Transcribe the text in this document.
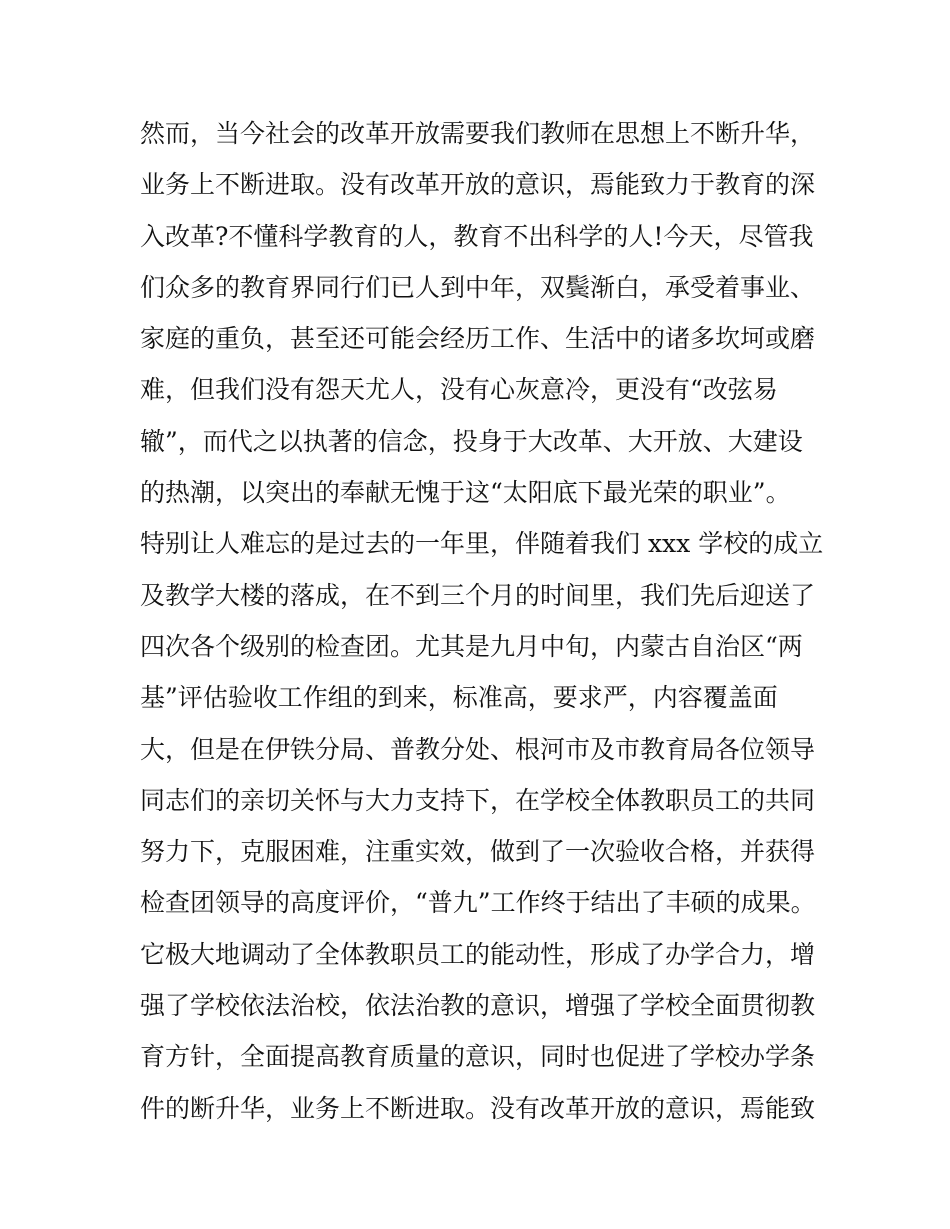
然而，当今社会的改革开放需要我们教师在思想上不断升华，
业务上不断进取。没有改革开放的意识，焉能致力于教育的深
入改革?不懂科学教育的人，教育不出科学的人!今天，尽管我
们众多的教育界同行们已人到中年，双鬓渐白，承受着事业、
家庭的重负，甚至还可能会经历工作、生活中的诸多坎坷或磨
难，但我们没有怨天尤人，没有心灰意冷，更没有“改弦易
辙”，而代之以执著的信念，投身于大改革、大开放、大建设
的热潮，以突出的奉献无愧于这“太阳底下最光荣的职业”。
特别让人难忘的是过去的一年里，伴随着我们 xxx 学校的成立
及教学大楼的落成，在不到三个月的时间里，我们先后迎送了
四次各个级别的检查团。尤其是九月中旬，内蒙古自治区“两
基”评估验收工作组的到来，标准高，要求严，内容覆盖面
大，但是在伊铁分局、普教分处、根河市及市教育局各位领导
同志们的亲切关怀与大力支持下，在学校全体教职员工的共同
努力下，克服困难，注重实效，做到了一次验收合格，并获得
检查团领导的高度评价，“普九”工作终于结出了丰硕的成果。
它极大地调动了全体教职员工的能动性，形成了办学合力，增
强了学校依法治校，依法治教的意识，增强了学校全面贯彻教
育方针，全面提高教育质量的意识，同时也促进了学校办学条
件的断升华，业务上不断进取。没有改革开放的意识，焉能致
